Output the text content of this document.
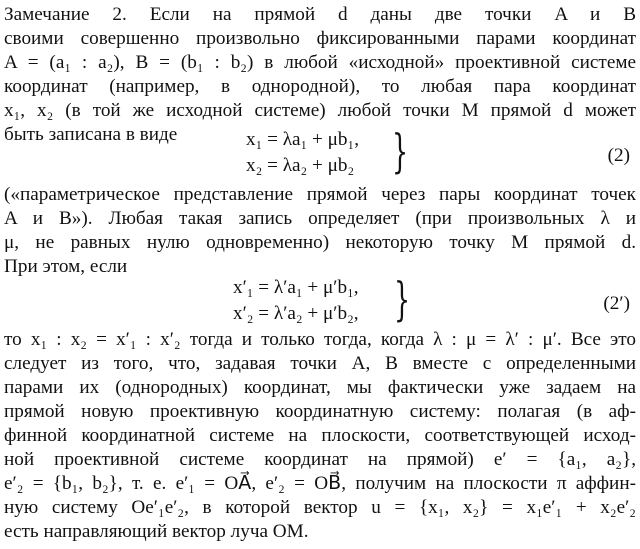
Замечание 2. Если на прямой d даны две точки A и B
своими совершенно произвольно фиксированными парами координат
A = (a₁ : a₂), B = (b₁ : b₂) в любой «исходной» проективной системе
координат (например, в однородной), то любая пара координат
x₁, x₂ (в той же исходной системе) любой точки M прямой d может
быть записана в виде	x₁ = λa₁ + μb₁,
x₂ = λa₂ + μb₂ }	(2)
(«параметрическое представление прямой через пары координат точек
A и B»). Любая такая запись определяет (при произвольных λ и
μ, не равных нулю одновременно) некоторую точку M прямой d.
При этом, если
x′₁ = λ′a₁ + μ′b₁,
x′₂ = λ′a₂ + μ′b₂, }	(2′)
то x₁ : x₂ = x′₁ : x′₂ тогда и только тогда, когда λ : μ = λ′ : μ′. Все это
следует из того, что, задавая точки A, B вместе с определенными
парами их (однородных) координат, мы фактически уже задаем на
прямой новую проективную координатную систему: полагая (в аф-
финной координатной системе на плоскости, соответствующей исход-
ной проективной системе координат на прямой) e′ = {a₁, a₂},
e′₂ = {b₁, b₂}, т. е. e′₁ = OA⃗, e′₂ = OB⃗, получим на плоскости π аффин-
ную систему Oe′₁e′₂, в которой вектор u = {x₁, x₂} = x₁e′₁ + x₂e′₂
есть направляющий вектор луча OM.
